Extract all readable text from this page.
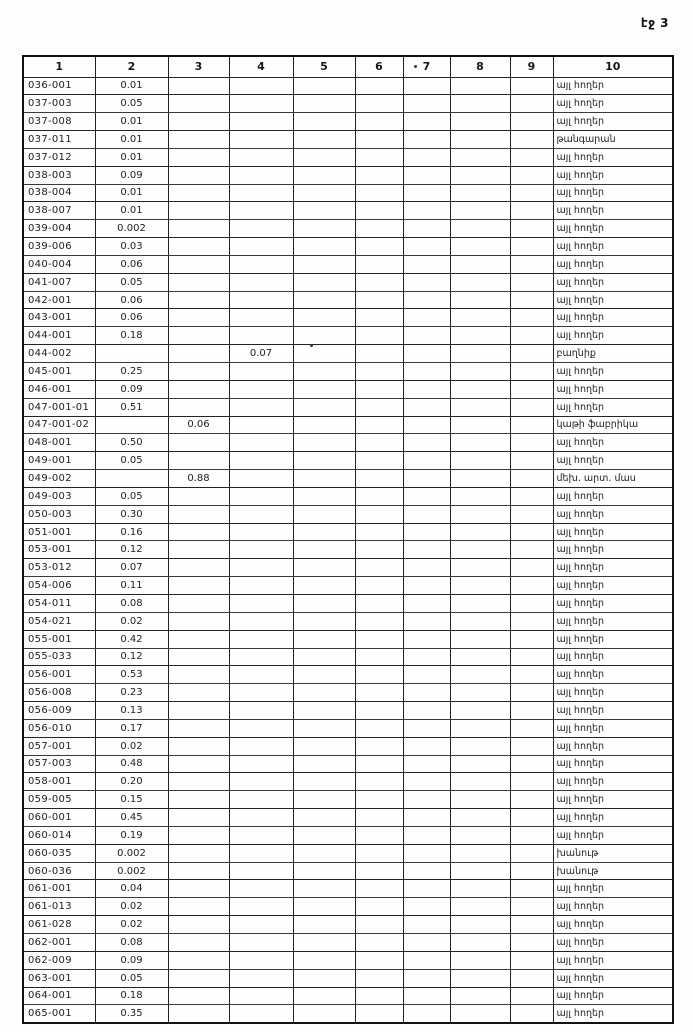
էջ 3
1	2	3	4	5	6	7	8	9	10
036-001	0.01								այլ հողեր
037-003	0.05								այլ հողեր
037-008	0.01								այլ հողեր
037-011	0.01								թանգարան
037-012	0.01								այլ հողեր
038-003	0.09								այլ հողեր
038-004	0.01								այլ հողեր
038-007	0.01								այլ հողեր
039-004	0.002								այլ հողեր
039-006	0.03								այլ հողեր
040-004	0.06								այլ հողեր
041-007	0.05								այլ հողեր
042-001	0.06								այլ հողեր
043-001	0.06								այլ հողեր
044-001	0.18								այլ հողեր
044-002			0.07						բաղնիք
045-001	0.25								այլ հողեր
046-001	0.09								այլ հողեր
047-001-01	0.51								այլ հողեր
047-001-02		0.06							կաթի ֆաբրիկա
048-001	0.50								այլ հողեր
049-001	0.05								այլ հողեր
049-002		0.88							մեխ. արտ. մաս
049-003	0.05								այլ հողեր
050-003	0.30								այլ հողեր
051-001	0.16								այլ հողեր
053-001	0.12								այլ հողեր
053-012	0.07								այլ հողեր
054-006	0.11								այլ հողեր
054-011	0.08								այլ հողեր
054-021	0.02								այլ հողեր
055-001	0.42								այլ հողեր
055-033	0.12								այլ հողեր
056-001	0.53								այլ հողեր
056-008	0.23								այլ հողեր
056-009	0.13								այլ հողեր
056-010	0.17								այլ հողեր
057-001	0.02								այլ հողեր
057-003	0.48								այլ հողեր
058-001	0.20								այլ հողեր
059-005	0.15								այլ հողեր
060-001	0.45								այլ հողեր
060-014	0.19								այլ հողեր
060-035	0.002								խանութ
060-036	0.002								խանութ
061-001	0.04								այլ հողեր
061-013	0.02								այլ հողեր
061-028	0.02								այլ հողեր
062-001	0.08								այլ հողեր
062-009	0.09								այլ հողեր
063-001	0.05								այլ հողեր
064-001	0.18								այլ հողեր
065-001	0.35								այլ հողեր
